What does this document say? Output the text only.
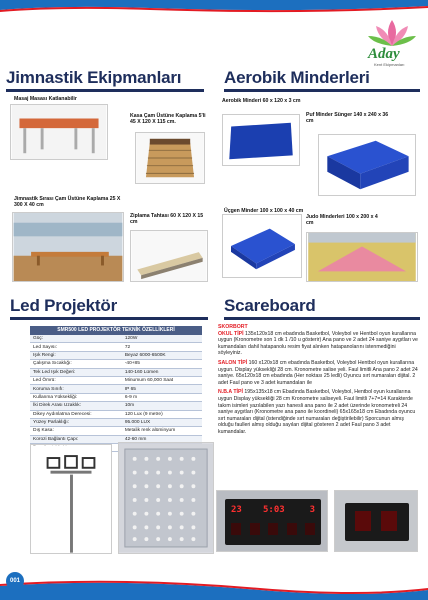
Aday
Kent Ekipmanları
Jimnastik Ekipmanları
Masaj Masası Katlanabilir
Kasa Çam Üstüne Kaplama 5'li 45 X 120 X 115 cm.
Jimnastik Sırası Çam Üstüne Kaplama 25 X 300 X 40 cm
Ziplama Tahtası 60 X 120 X 15 cm
Aerobik Minderleri
Aerobik Minderi 60 x 120 x 3 cm
Puf Minder Sünger 140 x 240 x 36 cm
Üçgen Minder 100 x 100 x 40 cm
Judo Minderleri 100 x 200 x 4 cm
Led Projektör
SMR500 LED PROJEKTÖR TEKNİK ÖZELLİKLERİ
Güç:	120W
Led Sayısı:	72
Işık Rengi:	Beyaz 6000-6500K
Çalışma Sıcaklığı:	-40+85
Tek Led Işık Değeri:	140-160 Lümen
Led Ömrü:	Minumum 60,000 Saat
Koruma Sınıfı:	IP 65
Kullanma Yüksekliği:	6-9 m
İki Direk Arası Uzaklık:	10m
Dikey Aydınlatma Derecesi:	120 Lux (9 metre)
Yüzey Parlaklığı:	95.000 LUX
Dış Kasa:	Metalik renk alüminyum
Korozi Bağlantı Çapı:	42-60 mm

Scareboard
SKORBORT
OKUL TİPİ 135x120x18 cm ebadında Basketbol, Voleybol ve Hentbol oyun kurallarına uygun (Kronometre son 1 dk 1 /10 u gösterir) Ana pano ve 2 adet 24 saniye aygıtları ve kumandaları dahil hatapanolu resim fiyat alınken hatapanolarını istenmediğini söyleyiniz.
SALON TİPİ 160 x120x18 cm ebadında Basketbol, Voleybol Hentbol oyun kurallarına uygun. Display yüksekliği 28 cm. Kronometre salise yeli. Faul limitli Ana pano 2 adet 24 saniye. 65x120x18 cm ebadında (Her noktası 25 ledli) Oyuncu sırt numaraları dijital. 2 adet Faul pano ve 3 adet kumandaları ile
N.B.A TİPİ 195x135x18 cm Ebadında Basketbol, Voleybol, Hentbol oyun kurallarına uygun Display yüksekliği 28 cm Kronometre saliseyeli. Faul limitli 7+7=14 Karakterde takım isimleri yazılabilen yazı hanesli ana pano ile 2 adet üzerinde kronometreli 24 saniye aygıtları (Kronometre ana pano ile koordineli) 65x165x18 cm Ebadında oyuncu sırt numaraları dijital (istendiğinde sırt numaraları değiştirilebilir) Sporcunun almış olduğu faulleri almış olduğu sayıları dijital gösteren 2 adet Faul pano 3 adet kumandalar.
23 5:03	3
001
